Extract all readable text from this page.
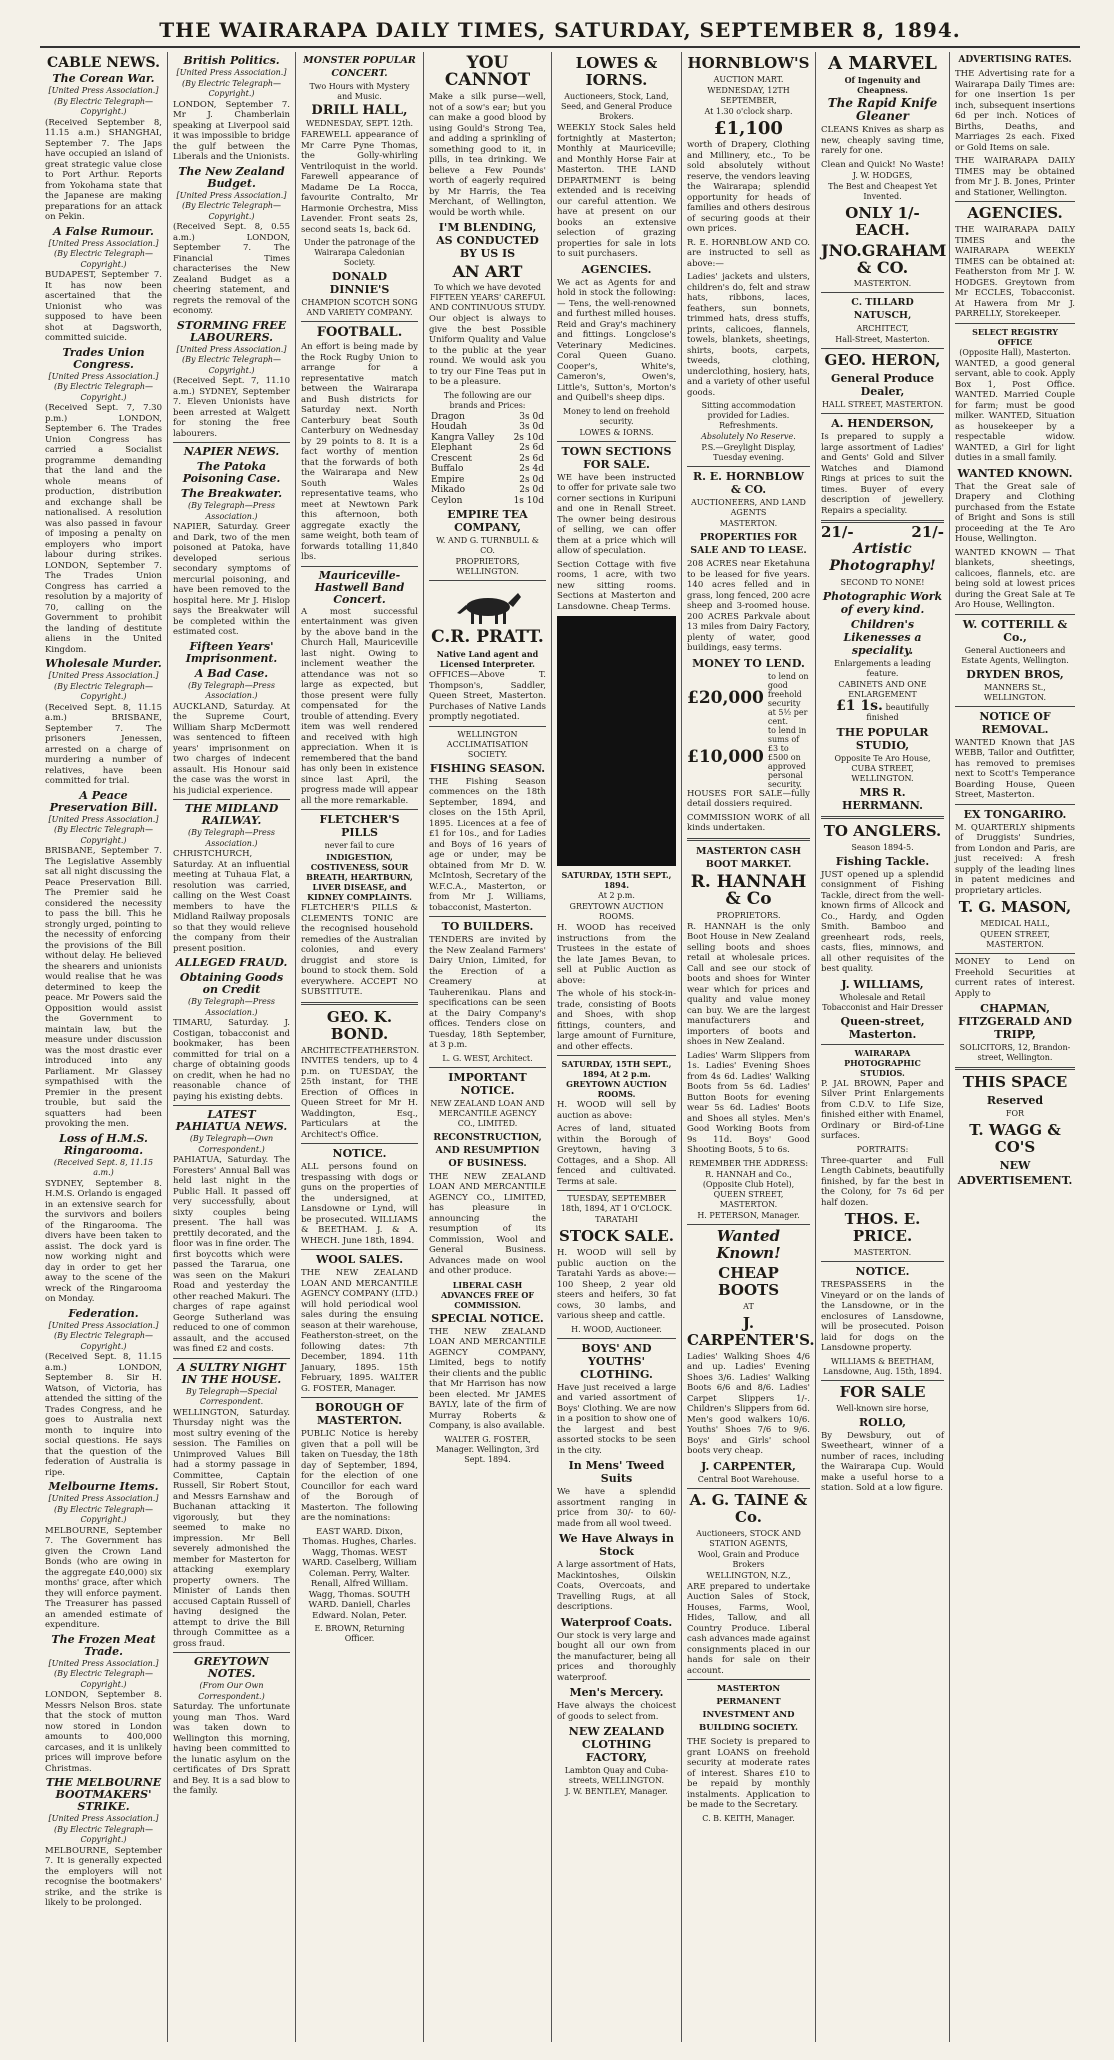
THE WAIRARAPA DAILY TIMES, SATURDAY, SEPTEMBER 8, 1894.
CABLE NEWS.
The Corean War.

[United Press Association.] (By Electric Telegraph—Copyright.)

(Received September 8, 11.15 a.m.) SHANGHAI, September 7. The Japs have occupied an island of great strategic value close to Port Arthur. Reports from Yokohama state that the Japanese are making preparations for an attack on Pekin.

A False Rumour.

[United Press Association.] (By Electric Telegraph—Copyright.)

BUDAPEST, September 7. It has now been ascertained that the Unionist who was supposed to have been shot at Dagsworth, committed suicide.

Trades Union Congress.

[United Press Association.] (By Electric Telegraph—Copyright.)

(Received Sept. 7, 7.30 p.m.) LONDON, September 6. The Trades Union Congress has carried a Socialist programme demanding that the land and the whole means of production, distribution and exchange shall be nationalised. A resolution was also passed in favour of imposing a penalty on employers who import labour during strikes. LONDON, September 7. The Trades Union Congress has carried a resolution by a majority of 70, calling on the Government to prohibit the landing of destitute aliens in the United Kingdom.

Wholesale Murder.

[United Press Association.] (By Electric Telegraph—Copyright.)

(Received Sept. 8, 11.15 a.m.) BRISBANE, September 7. The prisoners Jenessen, arrested on a charge of murdering a number of relatives, have been committed for trial.

A Peace Preservation Bill.

[United Press Association.] (By Electric Telegraph—Copyright.)

BRISBANE, September 7. The Legislative Assembly sat all night discussing the Peace Preservation Bill. The Premier said he considered the necessity to pass the bill. This he strongly urged, pointing to the necessity of enforcing the provisions of the Bill without delay. He believed the shearers and unionists would realise that he was determined to keep the peace. Mr Powers said the Opposition would assist the Government to maintain law, but the measure under discussion was the most drastic ever introduced into any Parliament. Mr Glassey sympathised with the Premier in the present trouble, but said the squatters had been provoking the men.

Loss of H.M.S. Ringarooma.

(Received Sept. 8, 11.15 a.m.)

SYDNEY, September 8. H.M.S. Orlando is engaged in an extensive search for the survivors and boilers of the Ringarooma. The divers have been taken to assist. The dock yard is now working night and day in order to get her away to the scene of the wreck of the Ringarooma on Monday.

Federation.

[United Press Association.] (By Electric Telegraph—Copyright.)

(Received Sept. 8, 11.15 a.m.) LONDON, September 8. Sir H. Watson, of Victoria, has attended the sitting of the Trades Congress, and he goes to Australia next month to inquire into social questions. He says that the question of the federation of Australia is ripe.

Melbourne Items.

[United Press Association.] (By Electric Telegraph—Copyright.)

MELBOURNE, September 7. The Government has given the Crown Land Bonds (who are owing in the aggregate £40,000) six months' grace, after which they will enforce payment. The Treasurer has passed an amended estimate of expenditure.

The Frozen Meat Trade.

[United Press Association.] (By Electric Telegraph—Copyright.)

LONDON, September 8. Messrs Nelson Bros. state that the stock of mutton now stored in London amounts to 400,000 carcases, and it is unlikely prices will improve before Christmas.

THE MELBOURNE BOOTMAKERS' STRIKE.

[United Press Association.] (By Electric Telegraph—Copyright.)

MELBOURNE, September 7. It is generally expected the employers will not recognise the bootmakers' strike, and the strike is likely to be prolonged.

British Politics.

[United Press Association.] (By Electric Telegraph—Copyright.)

LONDON, September 7. Mr J. Chamberlain speaking at Liverpool said it was impossible to bridge the gulf between the Liberals and the Unionists.

The New Zealand Budget.

[United Press Association.] (By Electric Telegraph—Copyright.)

(Received Sept. 8, 0.55 a.m.) LONDON, September 7. The Financial Times characterises the New Zealand Budget as a cheering statement, and regrets the removal of the economy.

STORMING FREE LABOURERS.

[United Press Association.] (By Electric Telegraph—Copyright.)

(Received Sept. 7, 11.10 a.m.) SYDNEY, September 7. Eleven Unionists have been arrested at Walgett for stoning the free labourers.

NAPIER NEWS.
The Patoka Poisoning Case.
The Breakwater.

(By Telegraph—Press Association.)

NAPIER, Saturday. Greer and Dark, two of the men poisoned at Patoka, have developed serious secondary symptoms of mercurial poisoning, and have been removed to the hospital here. Mr J. Hislop says the Breakwater will be completed within the estimated cost.

Fifteen Years' Imprisonment.
A Bad Case.

(By Telegraph—Press Association.)

AUCKLAND, Saturday. At the Supreme Court, William Sharp McDermott was sentenced to fifteen years' imprisonment on two charges of indecent assault. His Honour said the case was the worst in his judicial experience.

THE MIDLAND RAILWAY.

(By Telegraph—Press Association.)

CHRISTCHURCH, Saturday. At an influential meeting at Tuhaua Flat, a resolution was carried, calling on the West Coast members to have the Midland Railway proposals so that they would relieve the company from their present position.

ALLEGED FRAUD.
Obtaining Goods on Credit

(By Telegraph—Press Association.)

TIMARU, Saturday. J. Costigan, tobacconist and bookmaker, has been committed for trial on a charge of obtaining goods on credit, when he had no reasonable chance of paying his existing debts.

LATEST PAHIATUA NEWS.

(By Telegraph—Own Correspondent.)

PAHIATUA, Saturday. The Foresters' Annual Ball was held last night in the Public Hall. It passed off very successfully, about sixty couples being present. The hall was prettily decorated, and the floor was in fine order. The first boycotts which were passed the Tararua, one was seen on the Makuri Road and yesterday the other reached Makuri. The charges of rape against George Sutherland was reduced to one of common assault, and the accused was fined £2 and costs.

A SULTRY NIGHT IN THE HOUSE.

By Telegraph—Special Correspondent.

WELLINGTON, Saturday. Thursday night was the most sultry evening of the session. The Families on Unimproved Values Bill had a stormy passage in Committee, Captain Russell, Sir Robert Stout, and Messrs Earnshaw and Buchanan attacking it vigorously, but they seemed to make no impression. Mr Bell severely admonished the member for Masterton for attacking exemplary property owners. The Minister of Lands then accused Captain Russell of having designed the attempt to drive the Bill through Committee as a gross fraud.

GREYTOWN NOTES.

(From Our Own Correspondent.)

Saturday. The unfortunate young man Thos. Ward was taken down to Wellington this morning, having been committed to the lunatic asylum on the certificates of Drs Spratt and Bey. It is a sad blow to the family.

MONSTER POPULAR CONCERT.

Two Hours with Mystery and Music.

DRILL HALL,

WEDNESDAY, SEPT. 12th.

FAREWELL appearance of Mr Carre Pyne Thomas, the Golly-whirling Ventriloquist in the world. Farewell appearance of Madame De La Rocca, favourite Contralto, Mr Harmonie Orchestra, Miss Lavender. Front seats 2s, second seats 1s, back 6d.

Under the patronage of the Wairarapa Caledonian Society.

DONALD DINNIE'S

CHAMPION SCOTCH SONG AND VARIETY COMPANY.

FOOTBALL.

An effort is being made by the Rock Rugby Union to arrange for a representative match between the Wairarapa and Bush districts for Saturday next. North Canterbury beat South Canterbury on Wednesday by 29 points to 8. It is a fact worthy of mention that the forwards of both the Wairarapa and New South Wales representative teams, who meet at Newtown Park this afternoon, both aggregate exactly the same weight, both team of forwards totalling 11,840 lbs.

Mauriceville-Hastwell Band Concert.

A most successful entertainment was given by the above band in the Church Hall, Mauriceville last night. Owing to inclement weather the attendance was not so large as expected, but those present were fully compensated for the trouble of attending. Every item was well rendered and received with high appreciation. When it is remembered that the band has only been in existence since last April, the progress made will appear all the more remarkable.

FLETCHER'S PILLS

never fail to cure

INDIGESTION, COSTIVENESS, SOUR BREATH, HEARTBURN, LIVER DISEASE, and KIDNEY COMPLAINTS.

FLETCHER'S PILLS & CLEMENTS TONIC are the recognised household remedies of the Australian colonies, and every druggist and store is bound to stock them. Sold everywhere. ACCEPT NO SUBSTITUTE.

GEO. K. BOND.

ARCHITECT FEATHERSTON.

INVITES tenders, up to 4 p.m. on TUESDAY, the 25th instant, for THE Erection of Offices in Queen Street for Mr H. Waddington, Esq., Particulars at the Architect's Office.

NOTICE.

ALL persons found on trespassing with dogs or guns on the properties of the undersigned, at Lansdowne or Lynd, will be prosecuted. WILLIAMS & BEETHAM. J. & A. WHECH. June 18th, 1894.

WOOL SALES.

THE NEW ZEALAND LOAN AND MERCANTILE AGENCY COMPANY (LTD.) will hold periodical wool sales during the ensuing season at their warehouse, Featherston-street, on the following dates: 7th December, 1894. 11th January, 1895. 15th February, 1895. WALTER G. FOSTER, Manager.

BOROUGH OF MASTERTON.

PUBLIC Notice is hereby given that a poll will be taken on Tuesday, the 18th day of September, 1894, for the election of one Councillor for each ward of the Borough of Masterton. The following are the nominations:

EAST WARD. Dixon, Thomas. Hughes, Charles. Wagg, Thomas. WEST WARD. Caselberg, William Coleman. Perry, Walter. Renall, Alfred William. Wagg, Thomas. SOUTH WARD. Daniell, Charles Edward. Nolan, Peter.

E. BROWN, Returning Officer.

YOU CANNOT

Make a silk purse—well, not of a sow's ear; but you can make a good blood by using Gould's Strong Tea, and adding a sprinkling of something good to it, in pills, in tea drinking. We believe a Few Pounds' worth of eagerly required by Mr Harris, the Tea Merchant, of Wellington, would be worth while.

I'M BLENDING, AS CONDUCTED BY US IS

AN ART

To which we have devoted FIFTEEN YEARS' CAREFUL AND CONTINUOUS STUDY.

Our object is always to give the best Possible Uniform Quality and Value to the public at the year round. We would ask you to try our Fine Teas put in to be a pleasure.

The following are our brands and Prices:

Dragon	3s 0d
Houdah	3s 0d
Kangra Valley	2s 10d
Elephant	2s 6d
Crescent	2s 6d
Buffalo	2s 4d
Empire	2s 0d
Mikado	2s 0d
Ceylon	1s 10d

EMPIRE TEA COMPANY,

W. AND G. TURNBULL & CO.

PROPRIETORS, WELLINGTON.

C.R. PRATT.

Native Land agent and Licensed Interpreter.

OFFICES—Above T. Thompson's, Saddler, Queen Street, Masterton. Purchases of Native Lands promptly negotiated.

WELLINGTON ACCLIMATISATION SOCIETY.

FISHING SEASON.

THE Fishing Season commences on the 18th September, 1894, and closes on the 15th April, 1895. Licences at a fee of £1 for 10s., and for Ladies and Boys of 16 years of age or under, may be obtained from Mr D. W. McIntosh, Secretary of the W.F.C.A., Masterton, or from Mr J. Williams, tobacconist, Masterton.

TO BUILDERS.

TENDERS are invited by the New Zealand Farmers' Dairy Union, Limited, for the Erection of a Creamery at Tauherenikau. Plans and specifications can be seen at the Dairy Company's offices. Tenders close on Tuesday, 18th September, at 3 p.m.

L. G. WEST, Architect.

IMPORTANT NOTICE.

NEW ZEALAND LOAN AND MERCANTILE AGENCY CO., LIMITED.

RECONSTRUCTION, AND RESUMPTION OF BUSINESS.

THE NEW ZEALAND LOAN AND MERCANTILE AGENCY CO., LIMITED, has pleasure in announcing the resumption of its Commission, Wool and General Business. Advances made on wool and other produce.

LIBERAL CASH ADVANCES FREE OF COMMISSION.

SPECIAL NOTICE.

THE NEW ZEALAND LOAN AND MERCANTILE AGENCY COMPANY, Limited, begs to notify their clients and the public that Mr Harrison has now been elected. Mr JAMES BAYLY, late of the firm of Murray Roberts & Company, is also available.

WALTER G. FOSTER, Manager. Wellington, 3rd Sept. 1894.

LOWES & IORNS.

Auctioneers, Stock, Land, Seed, and General Produce Brokers.

WEEKLY Stock Sales held fortnightly at Masterton; Monthly at Mauriceville; and Monthly Horse Fair at Masterton. THE LAND DEPARTMENT is being extended and is receiving our careful attention. We have at present on our books an extensive selection of grazing properties for sale in lots to suit purchasers.

AGENCIES.

We act as Agents for and hold in stock the following:— Tens, the well-renowned and furthest milled houses. Reid and Gray's machinery and fittings. Longclose's Veterinary Medicines. Coral Queen Guano. Cooper's, White's, Cameron's, Owen's, Little's, Sutton's, Morton's and Quibell's sheep dips.

Money to lend on freehold security.

LOWES & IORNS.

TOWN SECTIONS FOR SALE.

WE have been instructed to offer for private sale two corner sections in Kuripuni and one in Renall Street. The owner being desirous of selling, we can offer them at a price which will allow of speculation.

Section Cottage with five rooms, 1 acre, with two new sitting rooms. Sections at Masterton and Lansdowne. Cheap Terms.

SATURDAY, 15TH SEPT., 1894.

At 2 p.m.

GREYTOWN AUCTION ROOMS.

H. WOOD has received instructions from the Trustees in the estate of the late James Bevan, to sell at Public Auction as above:

The whole of his stock-in-trade, consisting of Boots and Shoes, with shop fittings, counters, and large amount of Furniture, and other effects.

SATURDAY, 15TH SEPT., 1894, At 2 p.m. GREYTOWN AUCTION ROOMS.

H. WOOD will sell by auction as above:

Acres of land, situated within the Borough of Greytown, having 3 Cottages, and a Shop. All fenced and cultivated. Terms at sale.

TUESDAY, SEPTEMBER 18th, 1894, AT 1 O'CLOCK.

TARATAHI

STOCK SALE.

H. WOOD will sell by public auction on the Taratahi Yards as above:— 100 Sheep, 2 year old steers and heifers, 30 fat cows, 30 lambs, and various sheep and cattle.

H. WOOD, Auctioneer.

BOYS' AND YOUTHS' CLOTHING.

Have just received a large and varied assortment of Boys' Clothing. We are now in a position to show one of the largest and best assorted stocks to be seen in the city.

In Mens' Tweed Suits

We have a splendid assortment ranging in price from 30/- to 60/- made from all wool tweed.

We Have Always in Stock

A large assortment of Hats, Mackintoshes, Oilskin Coats, Overcoats, and Travelling Rugs, at all descriptions.

Waterproof Coats.

Our stock is very large and bought all our own from the manufacturer, being all prices and thoroughly waterproof.

Men's Mercery.

Have always the choicest of goods to select from.

NEW ZEALAND CLOTHING FACTORY,

Lambton Quay and Cuba-streets, WELLINGTON.

J. W. BENTLEY, Manager.

HORNBLOW'S

AUCTION MART.

WEDNESDAY, 12TH SEPTEMBER,

At 1.30 o'clock sharp.

£1,100

worth of Drapery, Clothing and Millinery, etc., To be sold absolutely without reserve, the vendors leaving the Wairarapa; splendid opportunity for heads of families and others desirous of securing goods at their own prices.

R. E. HORNBLOW AND CO. are instructed to sell as above:—

Ladies' jackets and ulsters, children's do, felt and straw hats, ribbons, laces, feathers, sun bonnets, trimmed hats, dress stuffs, prints, calicoes, flannels, towels, blankets, sheetings, shirts, boots, carpets, tweeds, clothing, underclothing, hosiery, hats, and a variety of other useful goods.

Sitting accommodation provided for Ladies. Refreshments.

Absolutely No Reserve.

P.S.—Greylight Display, Tuesday evening.

R. E. HORNBLOW & CO.

AUCTIONEERS, AND LAND AGENTS

MASTERTON.

PROPERTIES FOR SALE AND TO LEASE.

208 ACRES near Eketahuna to be leased for five years. 140 acres felled and in grass, long fenced, 200 acre sheep and 3-roomed house. 200 ACRES Parkvale about 13 miles from Dairy Factory, plenty of water, good buildings, easy terms.

MONEY TO LEND.

£20,000
to lend on good freehold security at 5½ per cent.
£10,000
to lend in sums of £3 to £500 on approved personal security.

HOUSES FOR SALE—fully detail dossiers required.

COMMISSION WORK of all kinds undertaken.

MASTERTON CASH BOOT MARKET.

R. HANNAH & Co

PROPRIETORS.

R. HANNAH is the only Boot House in New Zealand selling boots and shoes retail at wholesale prices. Call and see our stock of boots and shoes for Winter wear which for prices and quality and value money can buy. We are the largest manufacturers and importers of boots and shoes in New Zealand.

Ladies' Warm Slippers from 1s. Ladies' Evening Shoes from 4s 6d. Ladies' Walking Boots from 5s 6d. Ladies' Button Boots for evening wear 5s 6d. Ladies' Boots and Shoes all styles. Men's Good Working Boots from 9s 11d. Boys' Good Shooting Boots, 5 to 6s.

REMEMBER THE ADDRESS:

R. HANNAH and Co., (Opposite Club Hotel), QUEEN STREET, MASTERTON.

H. PETERSON, Manager.

Wanted Known!

CHEAP BOOTS

AT

J. CARPENTER'S.

Ladies' Walking Shoes 4/6 and up. Ladies' Evening Shoes 3/6. Ladies' Walking Boots 6/6 and 8/6. Ladies' Carpet Slippers 1/-. Children's Slippers from 6d. Men's good walkers 10/6. Youths' Shoes 7/6 to 9/6. Boys' and Girls' school boots very cheap.

J. CARPENTER,

Central Boot Warehouse.

A. G. TAINE & Co.

Auctioneers, STOCK AND STATION AGENTS,

Wool, Grain and Produce Brokers

WELLINGTON, N.Z.,

ARE prepared to undertake Auction Sales of Stock, Houses, Farms, Wool, Hides, Tallow, and all Country Produce. Liberal cash advances made against consignments placed in our hands for sale on their account.

MASTERTON PERMANENT INVESTMENT AND BUILDING SOCIETY.

THE Society is prepared to grant LOANS on freehold security at moderate rates of interest. Shares £10 to be repaid by monthly instalments. Application to be made to the Secretary.

C. B. KEITH, Manager.

A MARVEL

Of Ingenuity and Cheapness.

The Rapid Knife Gleaner

CLEANS Knives as sharp as new, cheaply saving time, rarely for one.

Clean and Quick! No Waste!

J. W. HODGES,

The Best and Cheapest Yet Invented.

ONLY 1/- EACH.

JNO.GRAHAM & CO.

MASTERTON.

C. TILLARD NATUSCH,

ARCHITECT,

Hall-Street, Masterton.

GEO. HERON,

General Produce Dealer,

HALL STREET, MASTERTON.

A. HENDERSON,

Is prepared to supply a large assortment of Ladies' and Gents' Gold and Silver Watches and Diamond Rings at prices to suit the times. Buyer of every description of jewellery. Repairs a speciality.

21/-	21/-

Artistic Photography!

SECOND TO NONE!

Photographic Work of every kind.

Children's Likenesses a speciality.

Enlargements a leading feature.

CABINETS AND ONE ENLARGEMENT

£1 1s. beautifully finished

THE POPULAR STUDIO,

Opposite Te Aro House, CUBA STREET, WELLINGTON.

MRS R. HERRMANN.

TO ANGLERS.

Season 1894-5.

Fishing Tackle.

JUST opened up a splendid consignment of Fishing Tackle, direct from the well-known firms of Allcock and Co., Hardy, and Ogden Smith. Bamboo and greenheart rods, reels, casts, flies, minnows, and all other requisites of the best quality.

J. WILLIAMS,

Wholesale and Retail Tobacconist and Hair Dresser

Queen-street, Masterton.

WAIRARAPA PHOTOGRAPHIC STUDIOS.

P. JAL BROWN, Paper and Silver Print Enlargements from C.D.V. to Life Size, finished either with Enamel, Ordinary or Bird-of-Line surfaces.

PORTRAITS:

Three-quarter and Full Length Cabinets, beautifully finished, by far the best in the Colony, for 7s 6d per half dozen.

THOS. E. PRICE.

MASTERTON.

NOTICE.

TRESPASSERS in the Vineyard or on the lands of the Lansdowne, or in the enclosures of Lansdowne, will be prosecuted. Poison laid for dogs on the Lansdowne property.

WILLIAMS & BEETHAM, Lansdowne, Aug. 15th, 1894.

FOR SALE

Well-known sire horse,

ROLLO,

By Dewsbury, out of Sweetheart, winner of a number of races, including the Wairarapa Cup. Would make a useful horse to a station. Sold at a low figure.

ADVERTISING RATES.

THE Advertising rate for a Wairarapa Daily Times are: for one insertion 1s per inch, subsequent insertions 6d per inch. Notices of Births, Deaths, and Marriages 2s each. Fixed or Gold Items on sale.

THE WAIRARAPA DAILY TIMES may be obtained from Mr J. B. Jones, Printer and Stationer, Wellington.

AGENCIES.

THE WAIRARAPA DAILY TIMES and the WAIRARAPA WEEKLY TIMES can be obtained at: Featherston from Mr J. W. HODGES. Greytown from Mr ECCLES, Tobacconist. At Hawera from Mr J. PARRELLY, Storekeeper.

SELECT REGISTRY OFFICE

(Opposite Hall), Masterton.

WANTED, a good general servant, able to cook. Apply Box 1, Post Office. WANTED. Married Couple for farm; must be good milker. WANTED, Situation as housekeeper by a respectable widow. WANTED, a Girl for light duties in a small family.

WANTED KNOWN.

That the Great sale of Drapery and Clothing purchased from the Estate of Bright and Sons is still proceeding at the Te Aro House, Wellington.

WANTED KNOWN — That blankets, sheetings, calicoes, flannels, etc. are being sold at lowest prices during the Great Sale at Te Aro House, Wellington.

W. COTTERILL & Co.,

General Auctioneers and Estate Agents, Wellington.

DRYDEN BROS,

MANNERS St., WELLINGTON.

NOTICE OF REMOVAL.

WANTED Known that JAS WEBB, Tailor and Outfitter, has removed to premises next to Scott's Temperance Boarding House, Queen Street, Masterton.

EX TONGARIRO.

M. QUARTERLY shipments of Druggists' Sundries, from London and Paris, are just received: A fresh supply of the leading lines in patent medicines and proprietary articles.

T. G. MASON,

MEDICAL HALL,

QUEEN STREET, MASTERTON.

MONEY to Lend on Freehold Securities at current rates of interest. Apply to

CHAPMAN, FITZGERALD AND TRIPP,

SOLICITORS, 12, Brandon-street, Wellington.

THIS SPACE

Reserved

FOR

T. WAGG & CO'S

NEW

ADVERTISEMENT.
